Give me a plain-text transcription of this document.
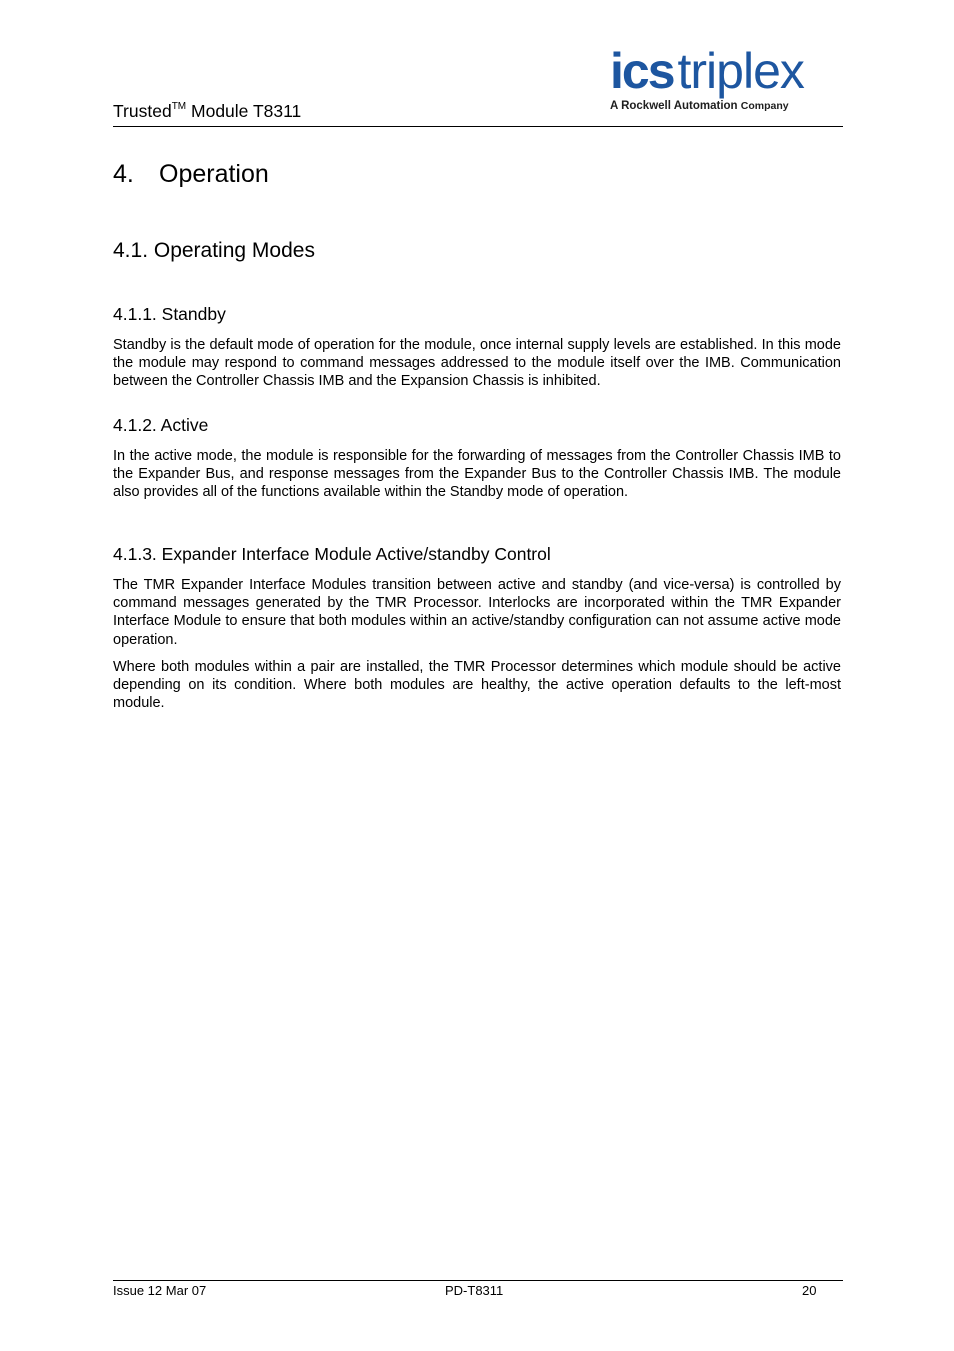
Trusted™ Module T8311
icstriplex
A Rockwell Automation Company
4. Operation
4.1. Operating Modes
4.1.1. Standby
Standby is the default mode of operation for the module, once internal supply levels are established. In this mode the module may respond to command messages addressed to the module itself over the IMB. Communication between the Controller Chassis IMB and the Expansion Chassis is inhibited.
4.1.2. Active
In the active mode, the module is responsible for the forwarding of messages from the Controller Chassis IMB to the Expander Bus, and response messages from the Expander Bus to the Controller Chassis IMB. The module also provides all of the functions available within the Standby mode of operation.
4.1.3. Expander Interface Module Active/standby Control
The TMR Expander Interface Modules transition between active and standby (and vice-versa) is controlled by command messages generated by the TMR Processor. Interlocks are incorporated within the TMR Expander Interface Module to ensure that both modules within an active/standby configuration can not assume active mode operation.
Where both modules within a pair are installed, the TMR Processor determines which module should be active depending on its condition. Where both modules are healthy, the active operation defaults to the left-most module.
Issue 12 Mar 07	PD-T8311	20
